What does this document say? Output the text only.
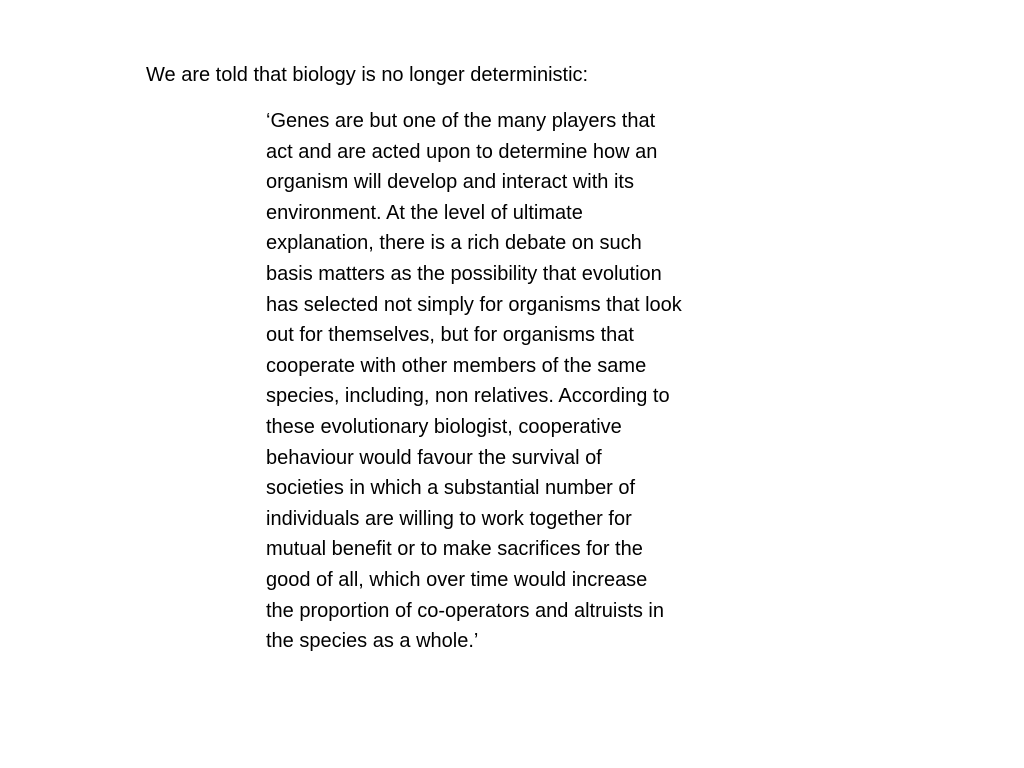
We are told that biology is no longer deterministic:

‘Genes are but one of the many players that
act and are acted upon to determine how an
organism will develop and interact with its
environment. At the level of ultimate
explanation, there is a rich debate on such
basis matters as the possibility that evolution
has selected not simply for organisms that look
out for themselves, but for organisms that
cooperate with other members of the same
species, including, non relatives. According to
these evolutionary biologist, cooperative
behaviour would favour the survival of
societies in which a substantial number of
individuals are willing to work together for
mutual benefit or to make sacrifices for the
good of all, which over time would increase
the proportion of co-operators and altruists in
the species as a whole.’
